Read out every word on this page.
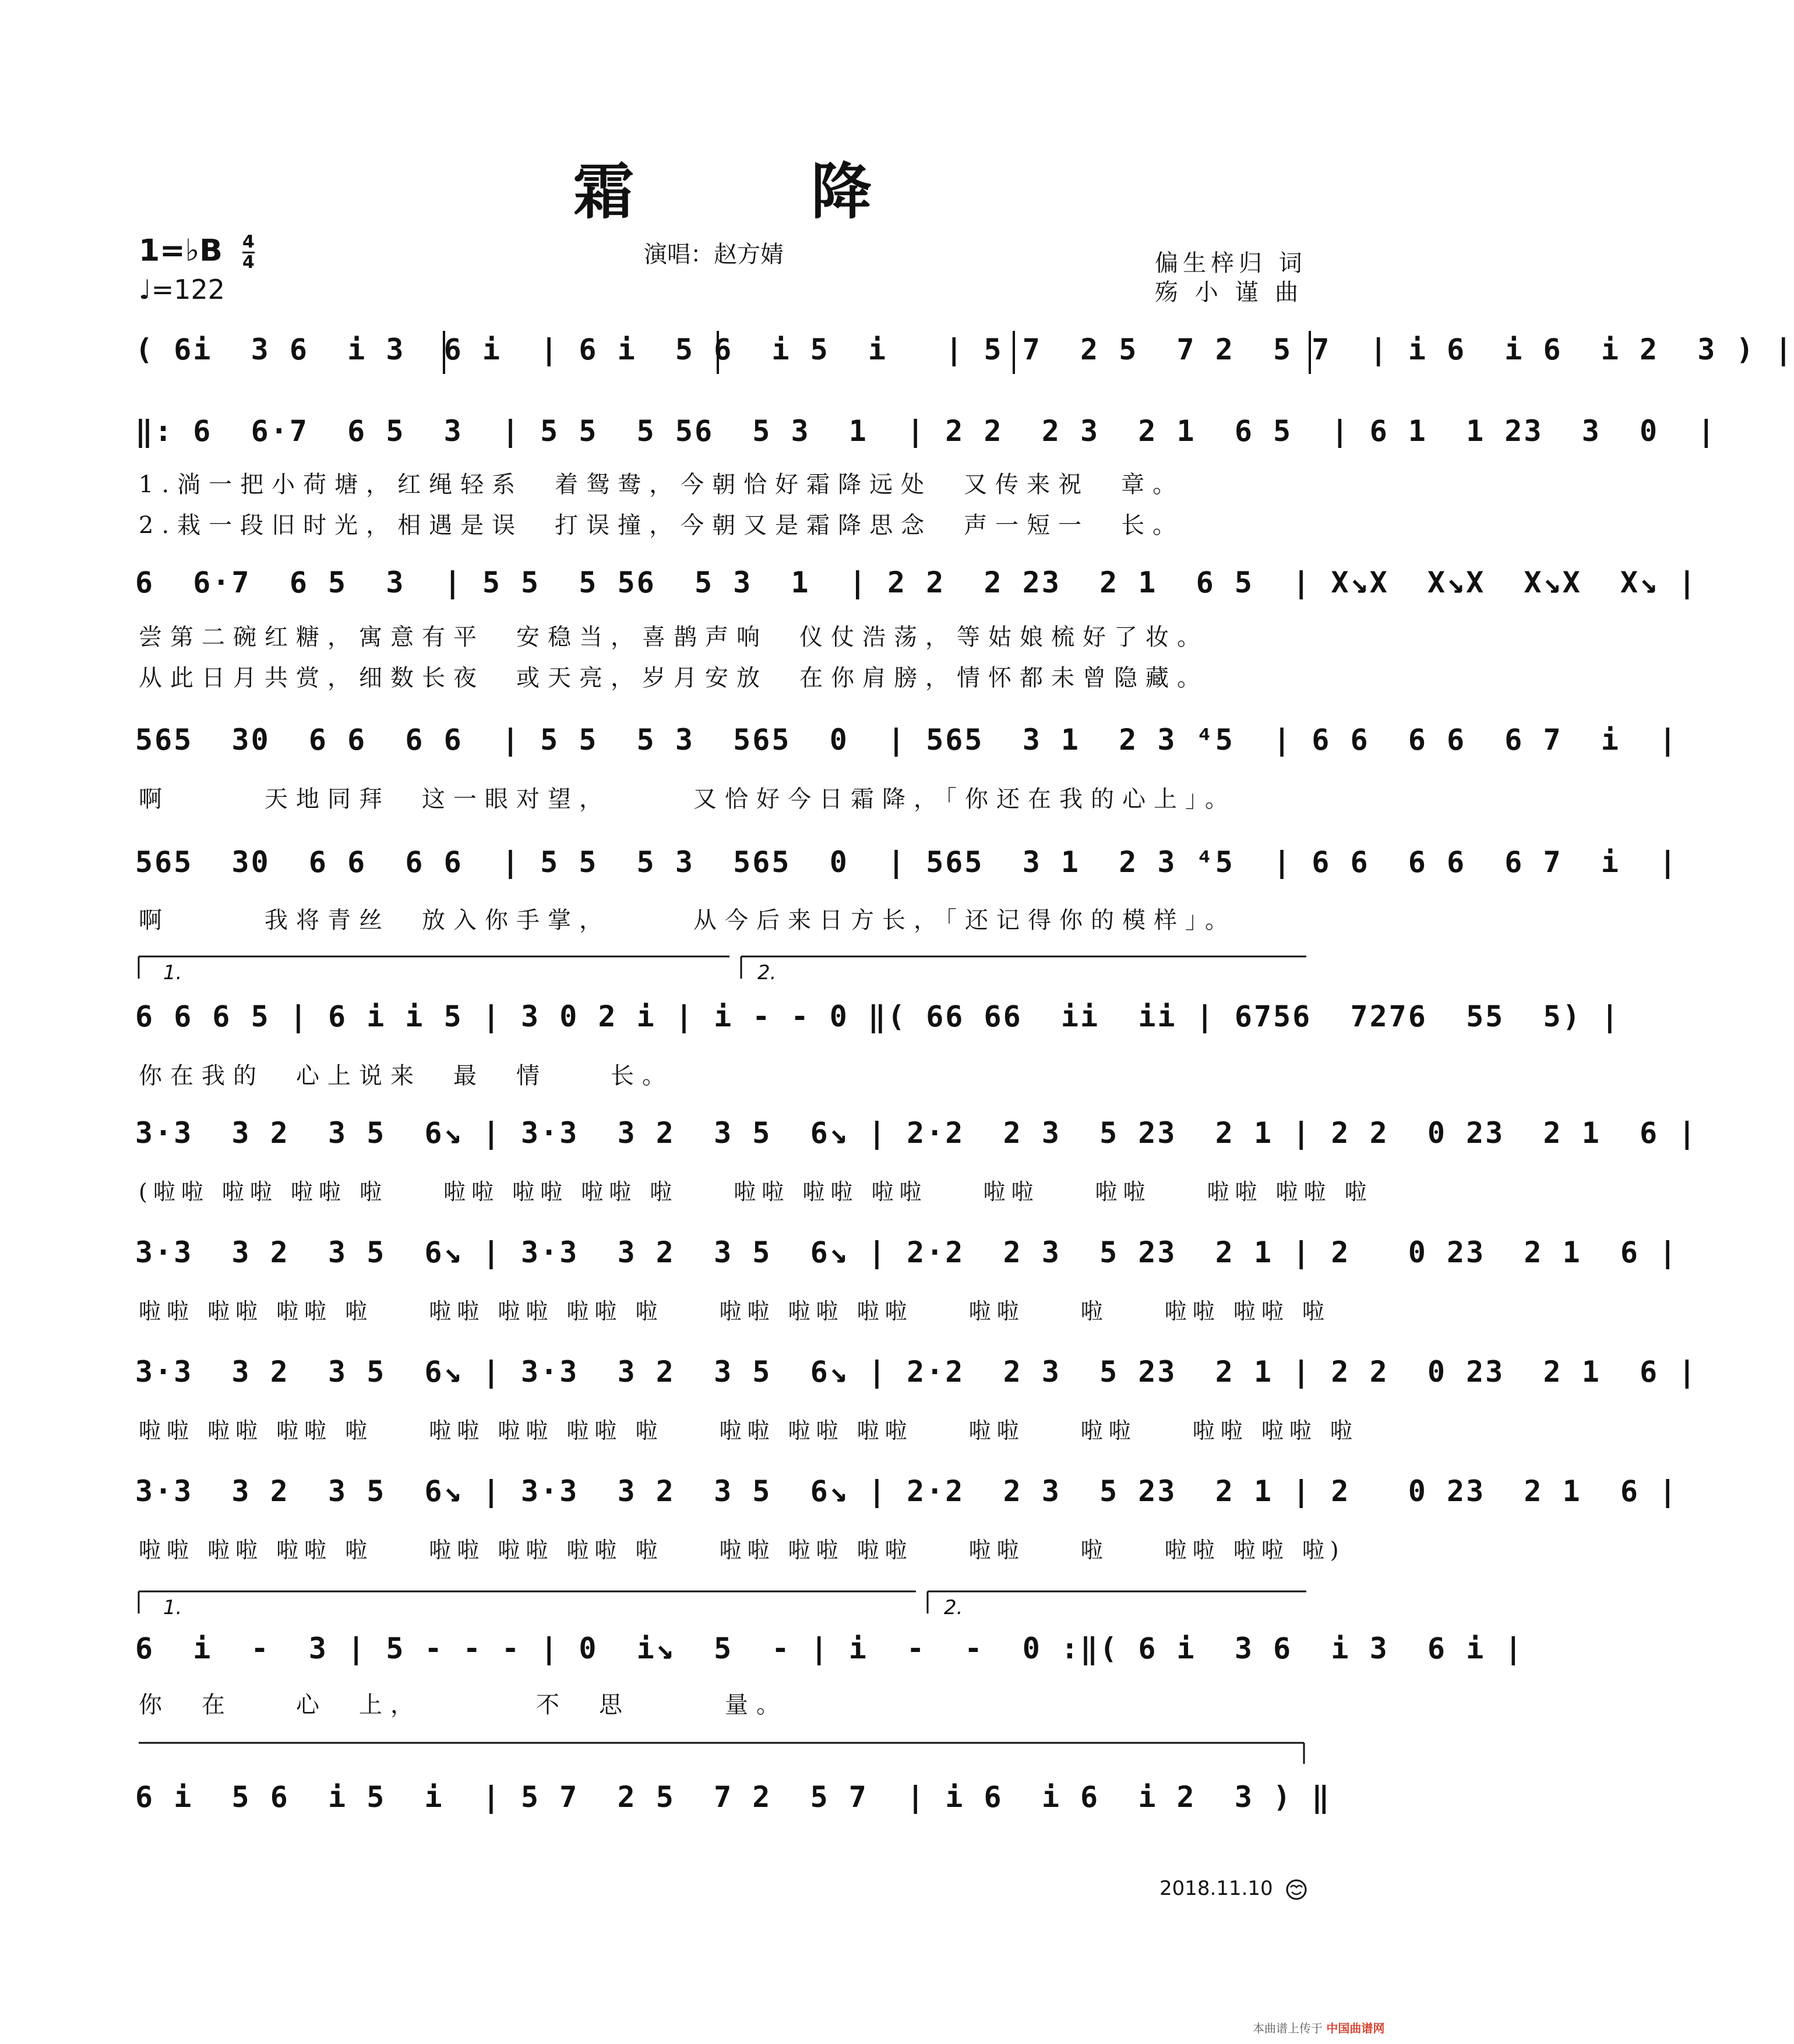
霜　降
1=♭B $\frac{4}{4}$
♩=122
演唱：赵方婧	偏生梓归 词
殇 小 谨 曲
( 6i  3 6  i 3  6 i  | 6 i  5 6  i 5  i   | 5 7  2 5  7 2  5 7  | i 6  i 6  i 2  3 ) |
‖: 6  6·7  6 5  3  | 5 5  5 56  5 3  1  | 2 2  2 3  2 1  6 5  | 6 1  1 23  3  0  |
1.淌一把小荷塘，红绳轻系　着鸳鸯，今朝恰好霜降远处　又传来祝　章。
2.栽一段旧时光，相遇是误　打误撞，今朝又是霜降思念　声一短一　长。
6  6·7  6 5  3  | 5 5  5 56  5 3  1  | 2 2  2 23  2 1  6 5  | X↘X  X↘X  X↘X  X↘ |
尝第二碗红糖，寓意有平　安稳当，喜鹊声响　仪仗浩荡，等姑娘梳好了妆。
从此日月共赏，细数长夜　或天亮，岁月安放　在你肩膀，情怀都未曾隐藏。
565  30  6 6  6 6  | 5 5  5 3  565  0  | 565  3 1  2 3 ⁴5  | 6 6  6 6  6 7  i  |
啊　　　天地同拜　这一眼对望，　　　又恰好今日霜降，「你还在我的心上」。
565  30  6 6  6 6  | 5 5  5 3  565  0  | 565  3 1  2 3 ⁴5  | 6 6  6 6  6 7  i  |
啊　　　我将青丝　放入你手掌，　　　从今后来日方长，「还记得你的模样」。
1.	2.
6 6 6 5 | 6 i i 5 | 3 0 2 i | i - - 0 ‖( 66 66  ii  ii | 6756  7276  55  5) |
你在我的　心上说来　最　情　　长。
3·3  3 2  3 5  6↘ | 3·3  3 2  3 5  6↘ | 2·2  2 3  5 23  2 1 | 2 2  0 23  2 1  6 |
(啦啦 啦啦 啦啦 啦　　啦啦 啦啦 啦啦 啦　　啦啦 啦啦 啦啦　　啦啦　　啦啦　　啦啦 啦啦 啦
3·3  3 2  3 5  6↘ | 3·3  3 2  3 5  6↘ | 2·2  2 3  5 23  2 1 | 2   0 23  2 1  6 |
啦啦 啦啦 啦啦 啦　　啦啦 啦啦 啦啦 啦　　啦啦 啦啦 啦啦　　啦啦　　啦　　啦啦 啦啦 啦
3·3  3 2  3 5  6↘ | 3·3  3 2  3 5  6↘ | 2·2  2 3  5 23  2 1 | 2 2  0 23  2 1  6 |
啦啦 啦啦 啦啦 啦　　啦啦 啦啦 啦啦 啦　　啦啦 啦啦 啦啦　　啦啦　　啦啦　　啦啦 啦啦 啦
3·3  3 2  3 5  6↘ | 3·3  3 2  3 5  6↘ | 2·2  2 3  5 23  2 1 | 2   0 23  2 1  6 |
啦啦 啦啦 啦啦 啦　　啦啦 啦啦 啦啦 啦　　啦啦 啦啦 啦啦　　啦啦　　啦　　啦啦 啦啦 啦)
1.	2.
6  i  -  3 | 5 - - - | 0  i↘  5  - | i  -  -  0 :‖( 6 i  3 6  i 3  6 i |
你　在　　心　上，　　　　不　思　　　量。
6 i  5 6  i 5  i  | 5 7  2 5  7 2  5 7  | i 6  i 6  i 2  3 ) ‖
2018.11.10
本曲谱上传于 中国曲谱网
